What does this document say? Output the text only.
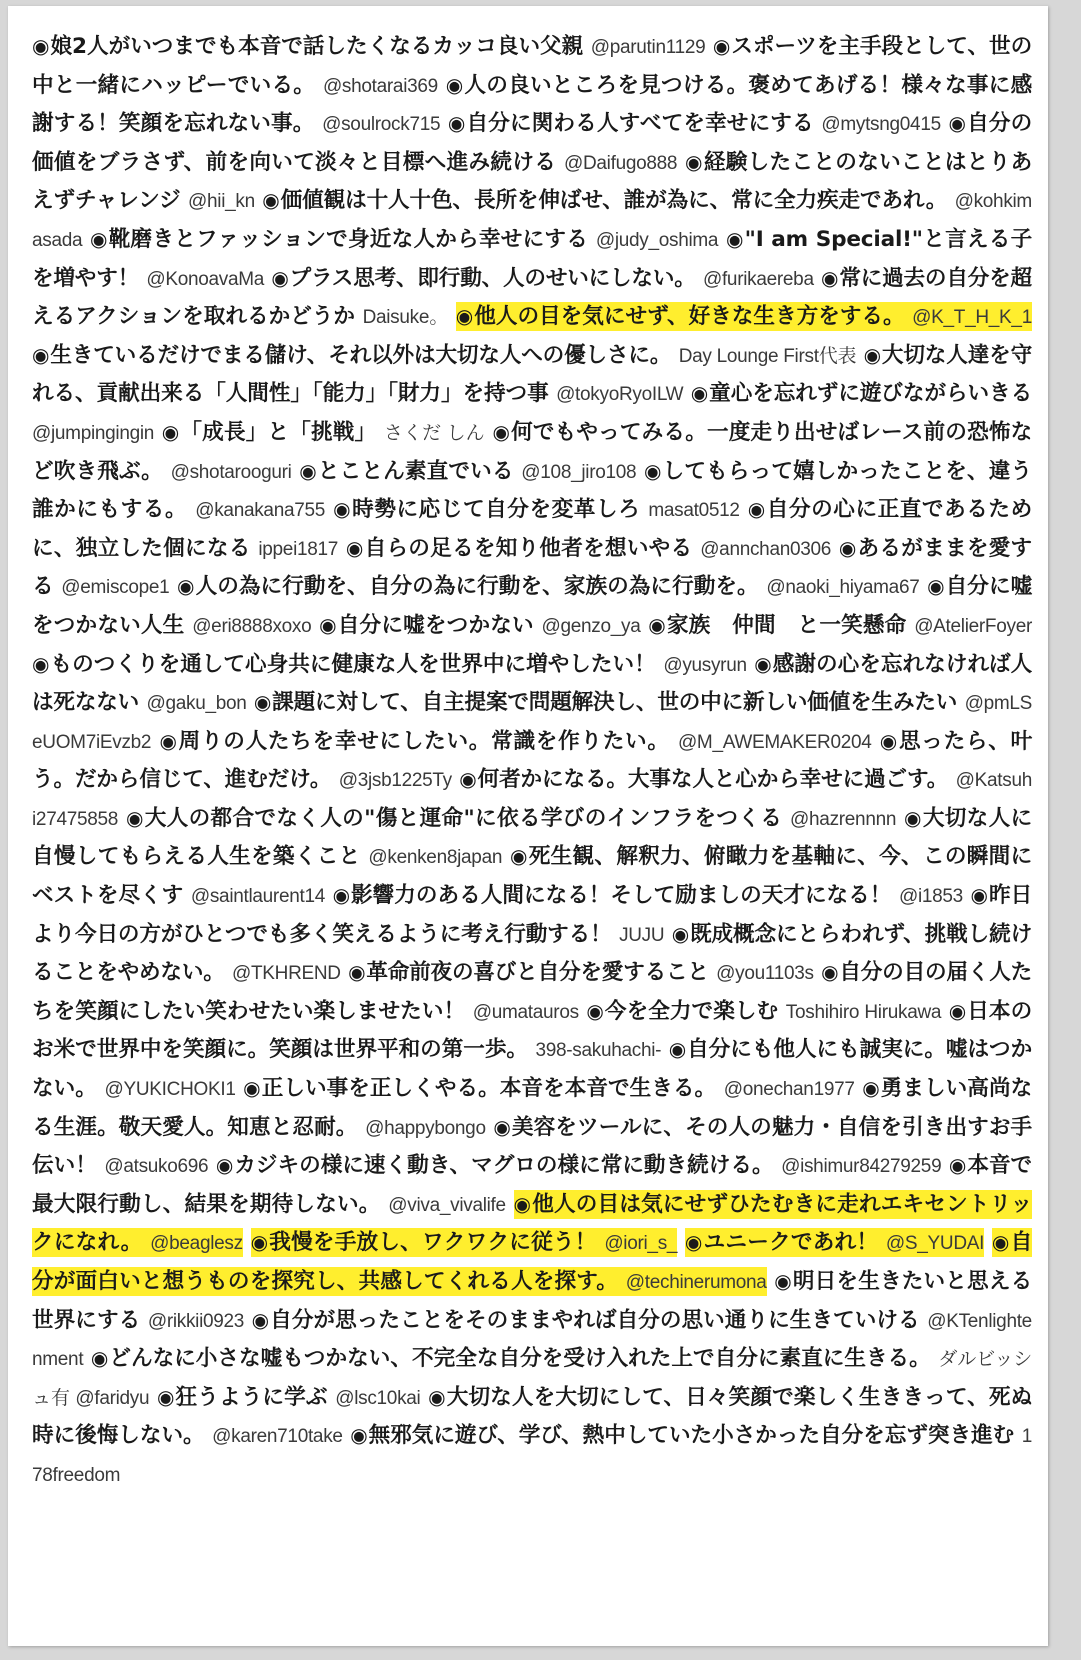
◉娘2人がいつまでも本音で話したくなるカッコ良い父親 @parutin1129 ◉スポーツを主手段として、世の中と一緒にハッピーでいる。 @shotarai369 ◉人の良いところを見つける。褒めてあげる！様々な事に感謝する！笑顔を忘れない事。 @soulrock715 ◉自分に関わる人すべてを幸せにする @mytsng0415 ◉自分の価値をブラさず、前を向いて淡々と目標へ進み続ける @Daifugo888 ◉経験したことのないことはとりあえずチャレンジ @hii_kn ◉価値観は十人十色、長所を伸ばせ、誰が為に、常に全力疾走であれ。 @kohkimasada ◉靴磨きとファッションで身近な人から幸せにする @judy_oshima ◉"I am Special!"と言える子を増やす！ @KonoavaMa ◉プラス思考、即行動、人のせいにしない。 @furikaereba ◉常に過去の自分を超えるアクションを取れるかどうか Daisuke。 ◉他人の目を気にせず、好きな生き方をする。 @K_T_H_K_1 ◉生きているだけでまる儲け、それ以外は大切な人への優しさに。 Day Lounge First代表 ◉大切な人達を守れる、貢献出来る「人間性」「能力」「財力」を持つ事 @tokyoRyoILW ◉童心を忘れずに遊びながらいきる @jumpingingin ◉「成長」と「挑戦」 さくだ しん ◉何でもやってみる。一度走り出せばレース前の恐怖など吹き飛ぶ。 @shotarooguri ◉とことん素直でいる @108_jiro108 ◉してもらって嬉しかったことを、違う誰かにもする。 @kanakana755 ◉時勢に応じて自分を変革しろ masat0512 ◉自分の心に正直であるために、独立した個になる ippei1817 ◉自らの足るを知り他者を想いやる @annchan0306 ◉あるがままを愛する @emiscope1 ◉人の為に行動を、自分の為に行動を、家族の為に行動を。 @naoki_hiyama67 ◉自分に嘘をつかない人生 @eri8888xoxo ◉自分に嘘をつかない @genzo_ya ◉家族　仲間　と一笑懸命 @AtelierFoyer ◉ものつくりを通して心身共に健康な人を世界中に増やしたい！ @yusyrun ◉感謝の心を忘れなければ人は死なない @gaku_bon ◉課題に対して、自主提案で問題解決し、世の中に新しい価値を生みたい @pmLSeUOM7iEvzb2 ◉周りの人たちを幸せにしたい。常識を作りたい。 @M_AWEMAKER0204 ◉思ったら、叶う。だから信じて、進むだけ。 @3jsb1225Ty ◉何者かになる。大事な人と心から幸せに過ごす。 @Katsuhi27475858 ◉大人の都合でなく人の"傷と運命"に依る学びのインフラをつくる @hazrennnn ◉大切な人に自慢してもらえる人生を築くこと @kenken8japan ◉死生観、解釈力、俯瞰力を基軸に、今、この瞬間にベストを尽くす @saintlaurent14 ◉影響力のある人間になる！そして励ましの天才になる！ @i1853 ◉昨日より今日の方がひとつでも多く笑えるように考え行動する！ JUJU ◉既成概念にとらわれず、挑戦し続けることをやめない。 @TKHREND ◉革命前夜の喜びと自分を愛すること @you1103s ◉自分の目の届く人たちを笑顔にしたい笑わせたい楽しませたい！ @umatauros ◉今を全力で楽しむ Toshihiro Hirukawa ◉日本のお米で世界中を笑顔に。笑顔は世界平和の第一歩。 398-sakuhachi- ◉自分にも他人にも誠実に。嘘はつかない。 @YUKICHOKI1 ◉正しい事を正しくやる。本音を本音で生きる。 @onechan1977 ◉勇ましい高尚なる生涯。敬天愛人。知恵と忍耐。 @happybongo ◉美容をツールに、その人の魅力・自信を引き出すお手伝い！ @atsuko696 ◉カジキの様に速く動き、マグロの様に常に動き続ける。 @ishimur84279259 ◉本音で最大限行動し、結果を期待しない。 @viva_vivalife ◉他人の目は気にせずひたむきに走れエキセントリックになれ。 @beaglesz ◉我慢を手放し、ワクワクに従う！ @iori_s_ ◉ユニークであれ！ @S_YUDAI ◉自分が面白いと想うものを探究し、共感してくれる人を探す。 @techinerumona ◉明日を生きたいと思える世界にする @rikkii0923 ◉自分が思ったことをそのままやれば自分の思い通りに生きていける @KTenlightenment ◉どんなに小さな嘘もつかない、不完全な自分を受け入れた上で自分に素直に生きる。 ダルビッシュ有 @faridyu ◉狂うように学ぶ @lsc10kai ◉大切な人を大切にして、日々笑顔で楽しく生ききって、死ぬ時に後悔しない。 @karen710take ◉無邪気に遊び、学び、熱中していた小さかった自分を忘ず突き進む 178freedom
